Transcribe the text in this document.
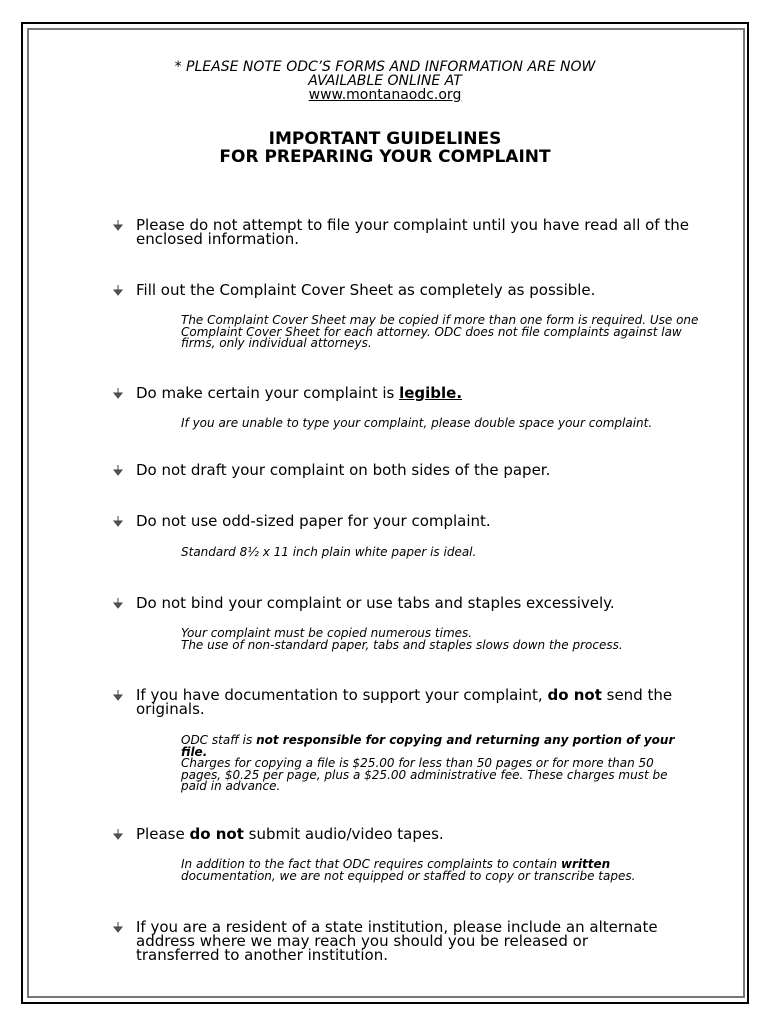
* PLEASE NOTE ODC’S FORMS AND INFORMATION ARE NOW
AVAILABLE ONLINE AT
www.montanaodc.org
IMPORTANT GUIDELINES
FOR PREPARING YOUR COMPLAINT
Please do not attempt to file your complaint until you have read all of the enclosed information.
Fill out the Complaint Cover Sheet as completely as possible.
The Complaint Cover Sheet may be copied if more than one form is required. Use one Complaint Cover Sheet for each attorney. ODC does not file complaints against law firms, only individual attorneys.
Do make certain your complaint is legible.
If you are unable to type your complaint, please double space your complaint.
Do not draft your complaint on both sides of the paper.
Do not use odd-sized paper for your complaint.
Standard 8½ x 11 inch plain white paper is ideal.
Do not bind your complaint or use tabs and staples excessively.
Your complaint must be copied numerous times.
The use of non-standard paper, tabs and staples slows down the process.
If you have documentation to support your complaint, do not send the originals.
ODC staff is not responsible for copying and returning any portion of your file.
Charges for copying a file is $25.00 for less than 50 pages or for more than 50 pages, $0.25 per page, plus a $25.00 administrative fee. These charges must be paid in advance.
Please do not submit audio/video tapes.
In addition to the fact that ODC requires complaints to contain written documentation, we are not equipped or staffed to copy or transcribe tapes.
If you are a resident of a state institution, please include an alternate address where we may reach you should you be released or transferred to another institution.
